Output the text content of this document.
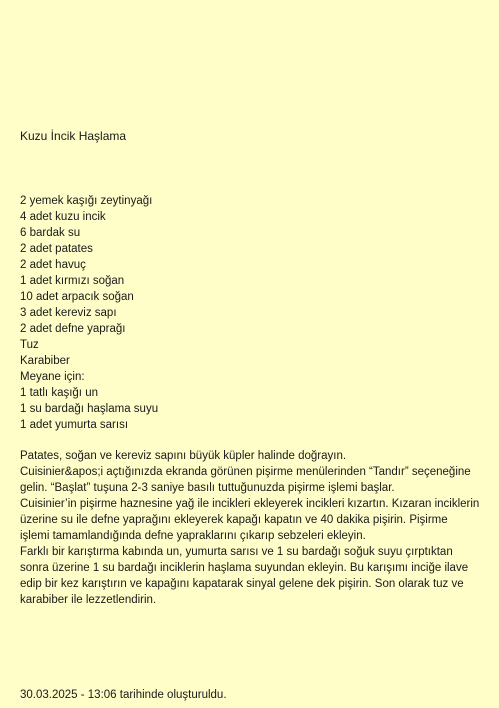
Kuzu İncik Haşlama
2 yemek kaşığı zeytinyağı
4 adet kuzu incik
6 bardak su
2 adet patates
2 adet havuç
1 adet kırmızı soğan
10 adet arpacık soğan
3 adet kereviz sapı
2 adet defne yaprağı
Tuz
Karabiber
Meyane için:
1 tatlı kaşığı un
1 su bardağı haşlama suyu
1 adet yumurta sarısı

Patates, soğan ve kereviz sapını büyük küpler halinde doğrayın.

Cuisinier&apos;i açtığınızda ekranda görünen pişirme menülerinden “Tandır” seçeneğine gelin. “Başlat” tuşuna 2-3 saniye basılı tuttuğunuzda pişirme işlemi başlar.

Cuisinier’in pişirme haznesine yağ ile incikleri ekleyerek incikleri kızartın. Kızaran inciklerin üzerine su ile defne yaprağını ekleyerek kapağı kapatın ve 40 dakika pişirin. Pişirme işlemi tamamlandığında defne yapraklarını çıkarıp sebzeleri ekleyin.

Farklı bir karıştırma kabında un, yumurta sarısı ve 1 su bardağı soğuk suyu çırptıktan sonra üzerine 1 su bardağı inciklerin haşlama suyundan ekleyin. Bu karışımı inciğe ilave edip bir kez karıştırın ve kapağını kapatarak sinyal gelene dek pişirin. Son olarak tuz ve karabiber ile lezzetlendirin.

30.03.2025 - 13:06 tarihinde oluşturuldu.
